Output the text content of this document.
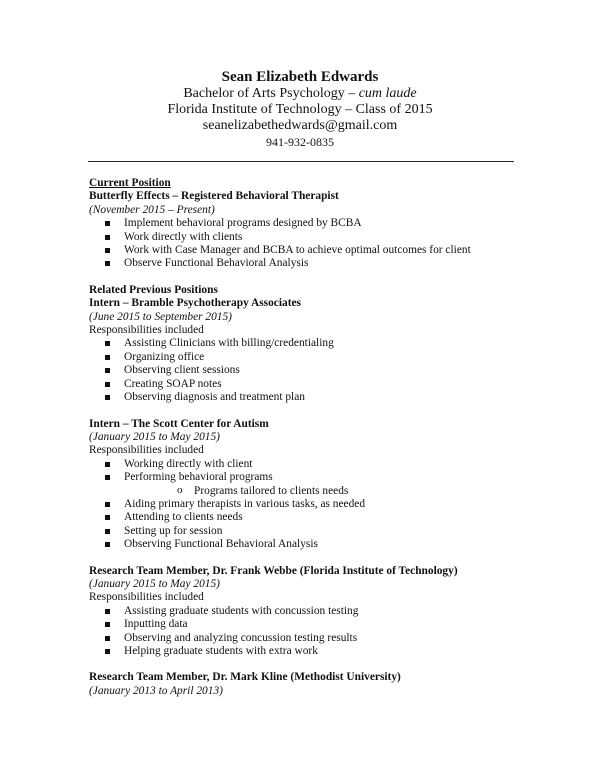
Sean Elizabeth Edwards
Bachelor of Arts Psychology – cum laude
Florida Institute of Technology – Class of 2015
seanelizabethedwards@gmail.com
941-932-0835
Current Position
Butterfly Effects – Registered Behavioral Therapist
(November 2015 – Present)
Implement behavioral programs designed by BCBA
Work directly with clients
Work with Case Manager and BCBA to achieve optimal outcomes for client
Observe Functional Behavioral Analysis
Related Previous Positions
Intern – Bramble Psychotherapy Associates
(June 2015 to September 2015)
Responsibilities included
Assisting Clinicians with billing/credentialing
Organizing office
Observing client sessions
Creating SOAP notes
Observing diagnosis and treatment plan
Intern – The Scott Center for Autism
(January 2015 to May 2015)
Responsibilities included
Working directly with client
Performing behavioral programs
o Programs tailored to clients needs
Aiding primary therapists in various tasks, as needed
Attending to clients needs
Setting up for session
Observing Functional Behavioral Analysis
Research Team Member, Dr. Frank Webbe (Florida Institute of Technology)
(January 2015 to May 2015)
Responsibilities included
Assisting graduate students with concussion testing
Inputting data
Observing and analyzing concussion testing results
Helping graduate students with extra work
Research Team Member, Dr. Mark Kline (Methodist University)
(January 2013 to April 2013)
